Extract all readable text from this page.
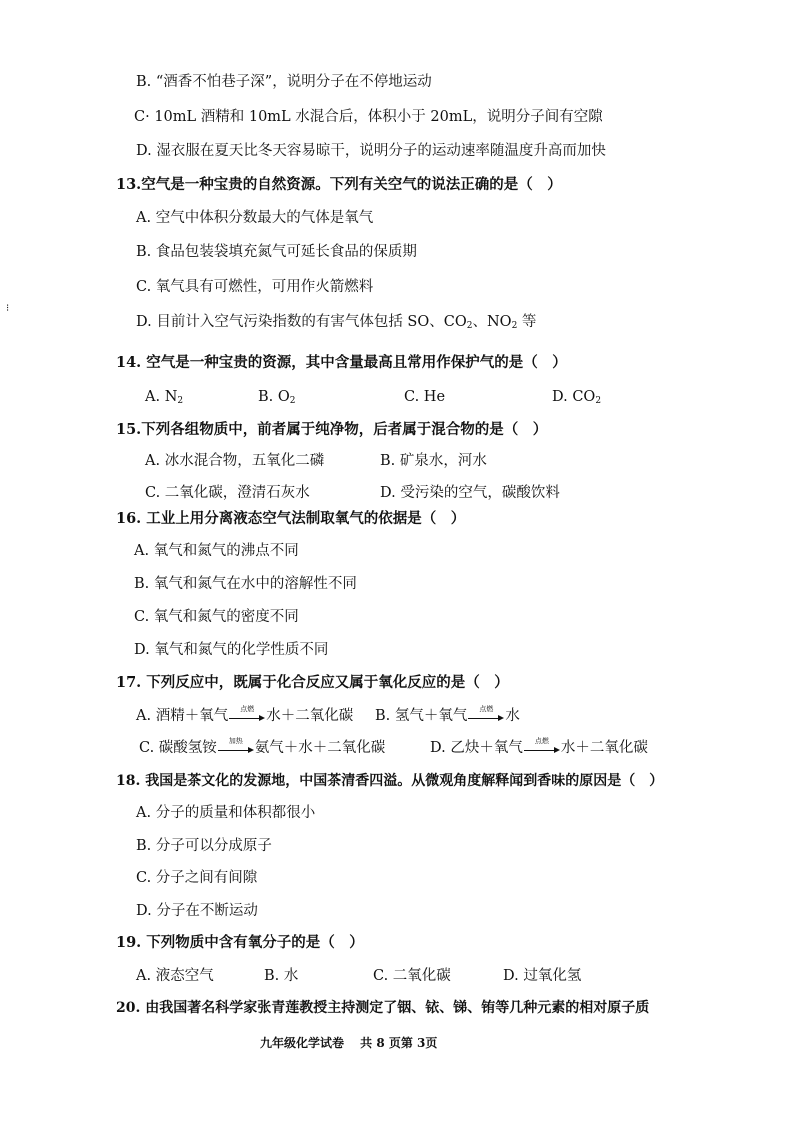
⁝
B. “酒香不怕巷子深”，说明分子在不停地运动
C· 10mL 酒精和 10mL 水混合后，体积小于 20mL，说明分子间有空隙
D. 湿衣服在夏天比冬天容易晾干，说明分子的运动速率随温度升高而加快
13.空气是一种宝贵的自然资源。下列有关空气的说法正确的是（　）
A. 空气中体积分数最大的气体是氧气
B. 食品包装袋填充氮气可延长食品的保质期
C. 氧气具有可燃性，可用作火箭燃料
D. 目前计入空气污染指数的有害气体包括 SO、$CO_2$、$NO_2$ 等
14. 空气是一种宝贵的资源，其中含量最高且常用作保护气的是（　）
A. $N_2$	B. $O_2$	C. He	D. $CO_2$
15.下列各组物质中，前者属于纯净物，后者属于混合物的是（　）
A. 冰水混合物，五氧化二磷	B. 矿泉水，河水
C. 二氧化碳，澄清石灰水	D. 受污染的空气，碳酸饮料
16. 工业上用分离液态空气法制取氧气的依据是（　）
A. 氧气和氮气的沸点不同
B. 氧气和氮气在水中的溶解性不同
C. 氧气和氮气的密度不同
D. 氧气和氮气的化学性质不同
17. 下列反应中，既属于化合反应又属于氧化反应的是（　）
A. 酒精＋氧气	点燃 水＋二氧化碳 B. 氢气＋氧气	点燃 水
C. 碳酸氢铵	加热 氨气＋水＋二氧化碳	D. 乙炔＋氧气	点燃 水＋二氧化碳
18. 我国是茶文化的发源地，中国茶清香四溢。从微观角度解释闻到香味的原因是（　）
A. 分子的质量和体积都很小
B. 分子可以分成原子
C. 分子之间有间隙
D. 分子在不断运动
19. 下列物质中含有氧分子的是（　）
A. 液态空气	B. 水	C. 二氧化碳	D. 过氧化氢
20. 由我国著名科学家张青莲教授主持测定了铟、铱、锑、铕等几种元素的相对原子质
九年级化学试卷　 共 8 页第 3页
